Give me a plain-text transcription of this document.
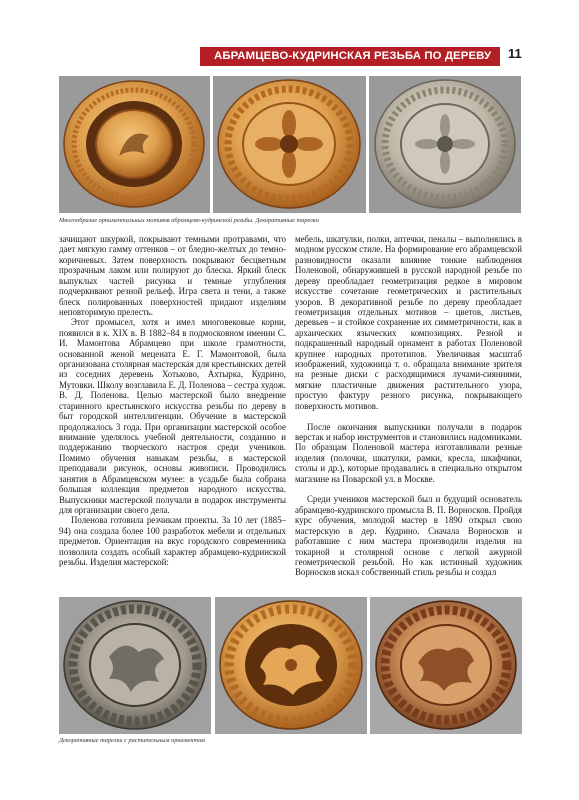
АБРАМЦЕВО-КУДРИНСКАЯ РЕЗЬБА ПО ДЕРЕВУ 11
Многообразие орнаментальных мотивов абрамцево-кудринской резьбы. Декоративные тарелки

зачищают шкуркой, покрывают темными протравами, что дает мягкую гамму оттенков – от бледно-желтых до темно-коричневых. Затем поверхность покрывают бесцветным прозрачным лаком или полируют до блеска. Яркий блеск выпуклых частей рисунка и темные углубления подчеркивают резной рельеф. Игра света и тени, а также блеск полированных поверхностей придают изделиям неповторимую прелесть.

Этот промысел, хотя и имел многовековые корни, появился в к. XIX в. В 1882–84 в подмосковном имении С. И. Мамонтова Абрамцево при школе грамотности, основанной женой мецената Е. Г. Мамонтовой, была организована столярная мастерская для крестьянских детей из соседних деревень Хотьково, Ахтырка, Кудрино, Мутовки. Школу возглавила Е. Д. Поленова – сестра худож. В. Д. Поленова. Целью мастерской было внедрение старинного крестьянского искусства резьбы по дереву в быт городской интеллигенции. Обучение в мастерской продолжалось 3 года. При организации мастерской особое внимание уделялось учебной деятельности, созданию и поддержанию творческого настроя среди учеников. Помимо обучения навыкам резьбы, в мастерской преподавали рисунок, основы живописи. Проводились занятия в Абрамцевском музее: в усадьбе была собрана большая коллекция предметов народного искусства. Выпускники мастерской получали в подарок инструменты для организации своего дела.

Поленова готовила резчикам проекты. За 10 лет (1885–94) она создала более 100 разработок мебели и отдельных предметов. Ориентация на вкус городского современника позволила создать особый характер абрамцево-кудринской резьбы. Изделия мастерской:

мебель, шкатулки, полки, аптечки, пеналы – выполнялись в модном русском стиле. На формирование его абрамцевской разновидности оказали влияние тонкие наблюдения Поленовой, обнаружившей в русской народной резьбе по дереву преобладает геометризация редкое в мировом искусстве сочетание геометрических и растительных узоров. В декоративной резьбе по дереву преобладает геометризация отдельных мотивов – цветов, листьев, деревьев – и стойкое сохранение их симметричности, как в архаических языческих композициях. Резной и подкрашенный народный орнамент в работах Поленовой крупнее народных прототипов. Увеличивая масштаб изображений, художница т. о. обращала внимание зрителя на резные диски с расходящимися лучами-сияниями, мягкие пластичные движения растительного узора, простую фактуру резного рисунка, покрывающего поверхность мотивов.

После окончания выпускники получали в подарок верстак и набор инструментов и становились надомниками. По образцам Поленовой мастера изготавливали резные изделия (полочки, шкатулки, рамки, кресла, шкафчики, столы и др.), которые продавались в специально открытом магазине на Поварской ул. в Москве.

Среди учеников мастерской был и будущий основатель абрамцево-кудринского промысла В. П. Ворносков. Пройдя курс обучения, молодой мастер в 1890 открыл свою мастерскую в дер. Кудрино. Сначала Ворносков и работавшие с ним мастера производили изделия на токарной и столярной основе с легкой ажурной геометрической резьбой. Но как истинный художник Ворносков искал собственный стиль резьбы и создал

Декоративные тарелки с растительным орнаментом
